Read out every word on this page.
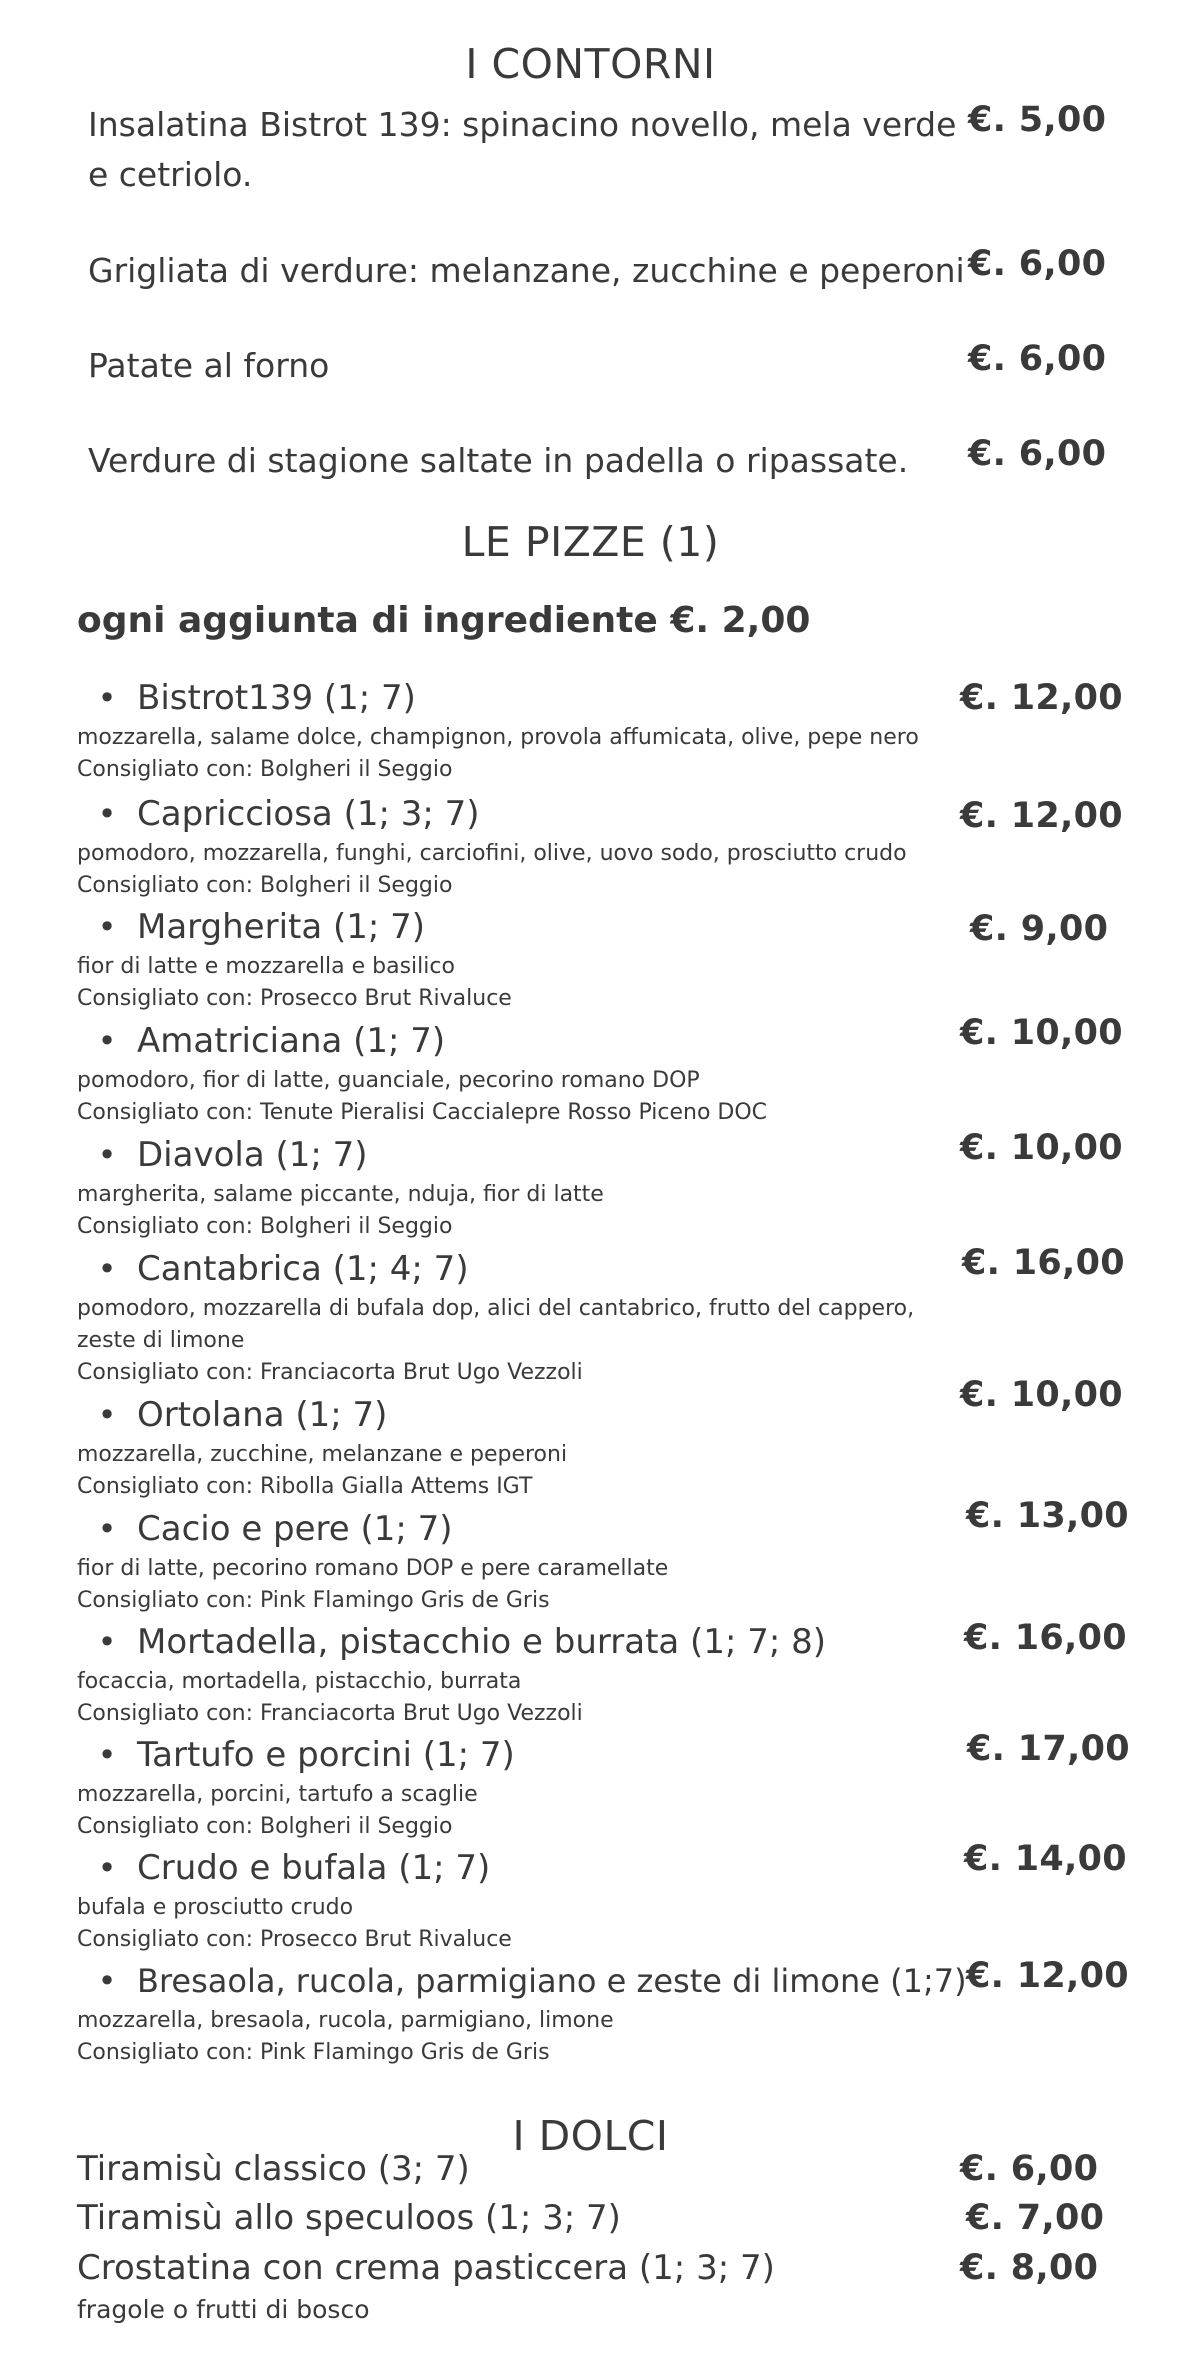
I CONTORNI
Insalatina Bistrot 139: spinacino novello, mela verde e cetriolo.
€. 5,00
Grigliata di verdure: melanzane, zucchine e peperoni €. 6,00
Patate al forno	€. 6,00
Verdure di stagione saltate in padella o ripassate.	€. 6,00
LE PIZZE (1)
ogni aggiunta di ingrediente €. 2,00
• Bistrot139 (1; 7)
mozzarella, salame dolce, champignon, provola affumicata, olive, pepe nero
Consigliato con: Bolgheri il Seggio
€. 12,00
• Capricciosa (1; 3; 7)
pomodoro, mozzarella, funghi, carciofini, olive, uovo sodo, prosciutto crudo
Consigliato con: Bolgheri il Seggio
€. 12,00
• Margherita (1; 7)
fior di latte e mozzarella e basilico
Consigliato con: Prosecco Brut Rivaluce
€. 9,00
• Amatriciana (1; 7)
pomodoro, fior di latte, guanciale, pecorino romano DOP
Consigliato con: Tenute Pieralisi Caccialepre Rosso Piceno DOC
€. 10,00
• Diavola (1; 7)
margherita, salame piccante, nduja, fior di latte
Consigliato con: Bolgheri il Seggio
€. 10,00
• Cantabrica (1; 4; 7)
pomodoro, mozzarella di bufala dop, alici del cantabrico, frutto del cappero, zeste di limone
Consigliato con: Franciacorta Brut Ugo Vezzoli
€. 16,00
• Ortolana (1; 7)
mozzarella, zucchine, melanzane e peperoni
Consigliato con: Ribolla Gialla Attems IGT
€. 10,00
• Cacio e pere (1; 7)
fior di latte, pecorino romano DOP e pere caramellate
Consigliato con: Pink Flamingo Gris de Gris
€. 13,00
• Mortadella, pistacchio e burrata (1; 7; 8)
focaccia, mortadella, pistacchio, burrata
Consigliato con: Franciacorta Brut Ugo Vezzoli
€. 16,00
• Tartufo e porcini (1; 7)
mozzarella, porcini, tartufo a scaglie
Consigliato con: Bolgheri il Seggio
€. 17,00
• Crudo e bufala (1; 7)
bufala e prosciutto crudo
Consigliato con: Prosecco Brut Rivaluce
€. 14,00
• Bresaola, rucola, parmigiano e zeste di limone (1;7)
mozzarella, bresaola, rucola, parmigiano, limone
Consigliato con: Pink Flamingo Gris de Gris
€. 12,00
I DOLCI
Tiramisù classico (3; 7)	€. 6,00
Tiramisù allo speculoos (1; 3; 7)	€. 7,00
Crostatina con crema pasticcera (1; 3; 7)	€. 8,00
fragole o frutti di bosco
